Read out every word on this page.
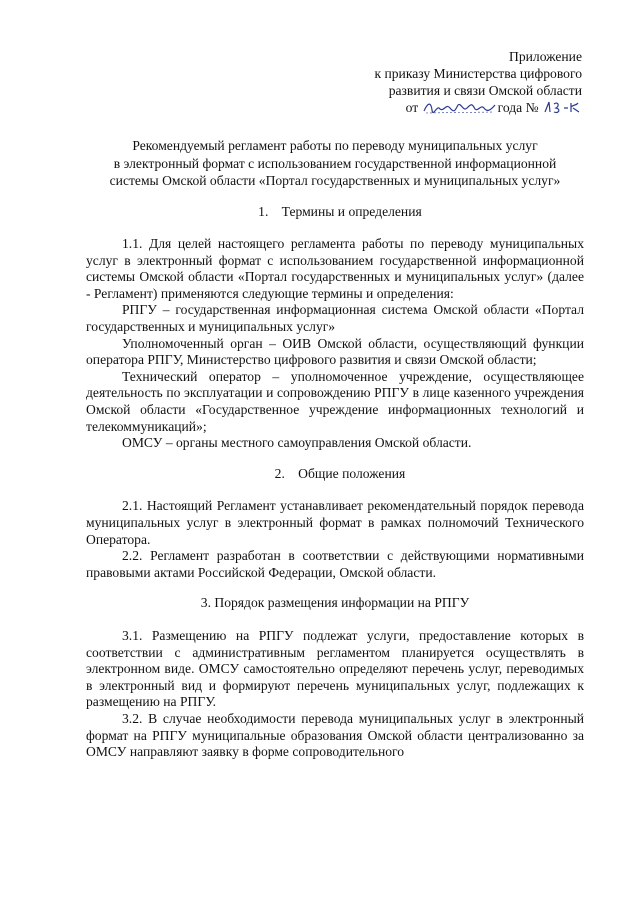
Приложение
к приказу Министерства цифрового
развития и связи Омской области
от	года №
Рекомендуемый регламент работы по переводу муниципальных услуг
в электронный формат с использованием государственной информационной
системы Омской области «Портал государственных и муниципальных услуг»
1. Термины и определения

1.1. Для целей настоящего регламента работы по переводу муниципальных услуг в электронный формат с использованием государственной информационной системы Омской области «Портал государственных и муниципальных услуг» (далее - Регламент) применяются следующие термины и определения:

РПГУ – государственная информационная система Омской области «Портал государственных и муниципальных услуг»

Уполномоченный орган – ОИВ Омской области, осуществляющий функции оператора РПГУ, Министерство цифрового развития и связи Омской области;

Технический оператор – уполномоченное учреждение, осуществляющее деятельность по эксплуатации и сопровождению РПГУ в лице казенного учреждения Омской области «Государственное учреждение информационных технологий и телекоммуникаций»;

ОМСУ – органы местного самоуправления Омской области.

2. Общие положения

2.1. Настоящий Регламент устанавливает рекомендательный порядок перевода муниципальных услуг в электронный формат в рамках полномочий Технического Оператора.

2.2. Регламент разработан в соответствии с действующими нормативными правовыми актами Российской Федерации, Омской области.

3. Порядок размещения информации на РПГУ

3.1. Размещению на РПГУ подлежат услуги, предоставление которых в соответствии с административным регламентом планируется осуществлять в электронном виде. ОМСУ самостоятельно определяют перечень услуг, переводимых в электронный вид и формируют перечень муниципальных услуг, подлежащих к размещению на РПГУ.

3.2. В случае необходимости перевода муниципальных услуг в электронный формат на РПГУ муниципальные образования Омской области централизованно за ОМСУ направляют заявку в форме сопроводительного
